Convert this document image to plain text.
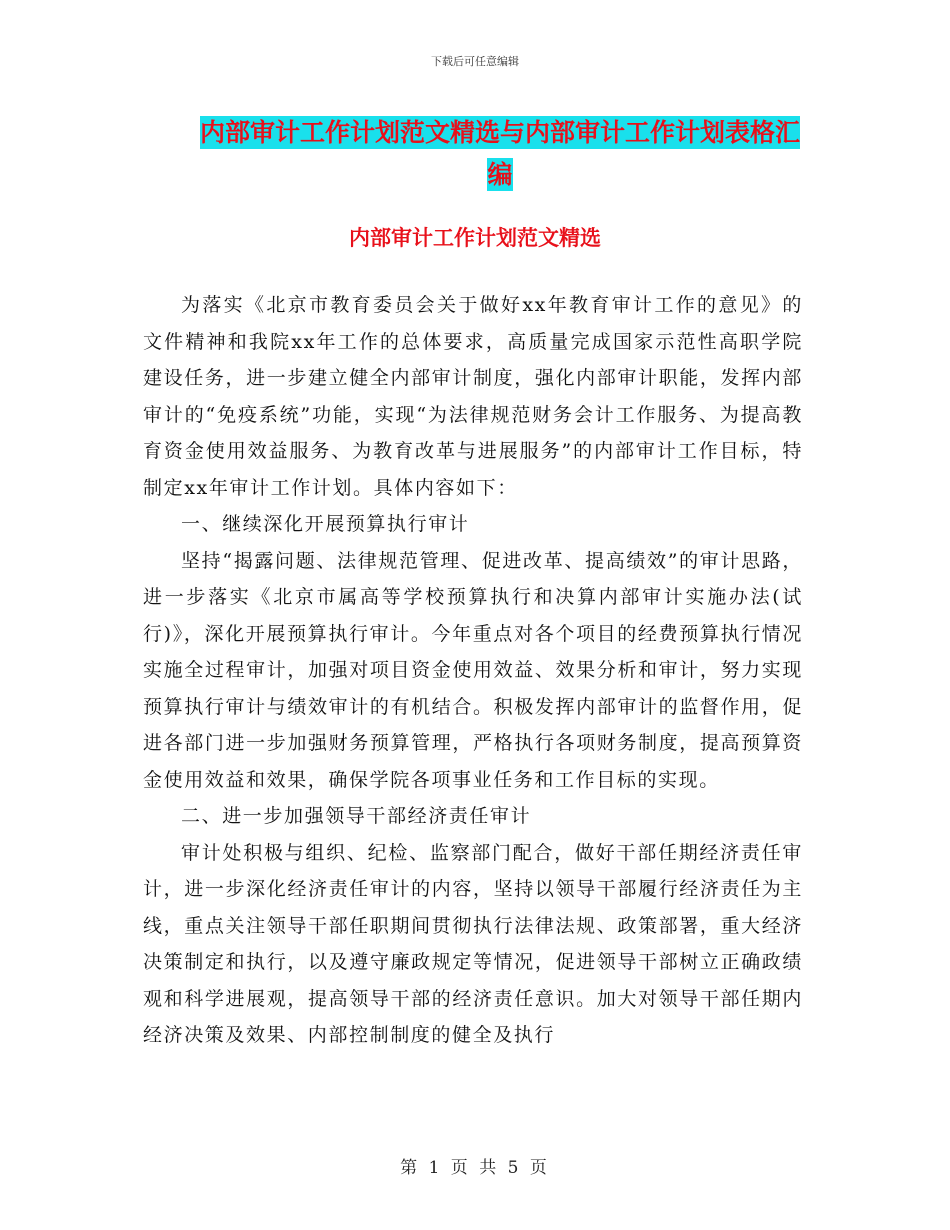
下载后可任意编辑
内部审计工作计划范文精选与内部审计工作计划表格汇编
内部审计工作计划范文精选

为落实《北京市教育委员会关于做好xx年教育审计工作的意见》的文件精神和我院xx年工作的总体要求，高质量完成国家示范性高职学院建设任务，进一步建立健全内部审计制度，强化内部审计职能，发挥内部审计的“免疫系统”功能，实现“为法律规范财务会计工作服务、为提高教育资金使用效益服务、为教育改革与进展服务”的内部审计工作目标，特制定xx年审计工作计划。具体内容如下：

一、继续深化开展预算执行审计

坚持“揭露问题、法律规范管理、促进改革、提高绩效”的审计思路，进一步落实《北京市属高等学校预算执行和决算内部审计实施办法(试行)》，深化开展预算执行审计。今年重点对各个项目的经费预算执行情况实施全过程审计，加强对项目资金使用效益、效果分析和审计，努力实现预算执行审计与绩效审计的有机结合。积极发挥内部审计的监督作用，促进各部门进一步加强财务预算管理，严格执行各项财务制度，提高预算资金使用效益和效果，确保学院各项事业任务和工作目标的实现。

二、进一步加强领导干部经济责任审计

审计处积极与组织、纪检、监察部门配合，做好干部任期经济责任审计，进一步深化经济责任审计的内容，坚持以领导干部履行经济责任为主线，重点关注领导干部任职期间贯彻执行法律法规、政策部署，重大经济决策制定和执行，以及遵守廉政规定等情况，促进领导干部树立正确政绩观和科学进展观，提高领导干部的经济责任意识。加大对领导干部任期内经济决策及效果、内部控制制度的健全及执行

第 1 页 共 5 页
